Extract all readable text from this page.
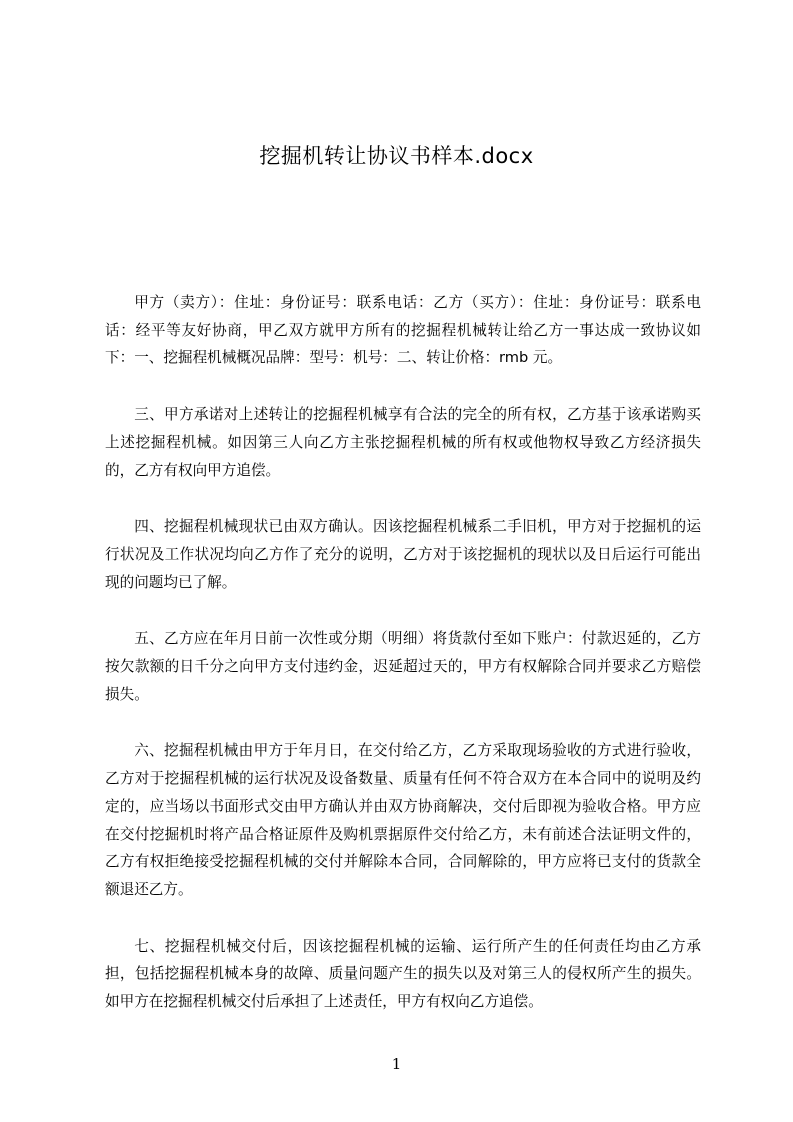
挖掘机转让协议书样本.docx

甲方（卖方）：住址：身份证号：联系电话：乙方（买方）：住址：身份证号：联系电话：经平等友好协商，甲乙双方就甲方所有的挖掘程机械转让给乙方一事达成一致协议如下：一、挖掘程机械概况品牌：型号：机号：二、转让价格：rmb 元。

三、甲方承诺对上述转让的挖掘程机械享有合法的完全的所有权，乙方基于该承诺购买上述挖掘程机械。如因第三人向乙方主张挖掘程机械的所有权或他物权导致乙方经济损失的，乙方有权向甲方追偿。

四、挖掘程机械现状已由双方确认。因该挖掘程机械系二手旧机，甲方对于挖掘机的运行状况及工作状况均向乙方作了充分的说明，乙方对于该挖掘机的现状以及日后运行可能出现的问题均已了解。

五、乙方应在年月日前一次性或分期（明细）将货款付至如下账户：付款迟延的，乙方按欠款额的日千分之向甲方支付违约金，迟延超过天的，甲方有权解除合同并要求乙方赔偿损失。

六、挖掘程机械由甲方于年月日，在交付给乙方，乙方采取现场验收的方式进行验收，乙方对于挖掘程机械的运行状况及设备数量、质量有任何不符合双方在本合同中的说明及约定的，应当场以书面形式交由甲方确认并由双方协商解决，交付后即视为验收合格。甲方应在交付挖掘机时将产品合格证原件及购机票据原件交付给乙方，未有前述合法证明文件的，乙方有权拒绝接受挖掘程机械的交付并解除本合同，合同解除的，甲方应将已支付的货款全额退还乙方。

七、挖掘程机械交付后，因该挖掘程机械的运输、运行所产生的任何责任均由乙方承担，包括挖掘程机械本身的故障、质量问题产生的损失以及对第三人的侵权所产生的损失。如甲方在挖掘程机械交付后承担了上述责任，甲方有权向乙方追偿。

1
